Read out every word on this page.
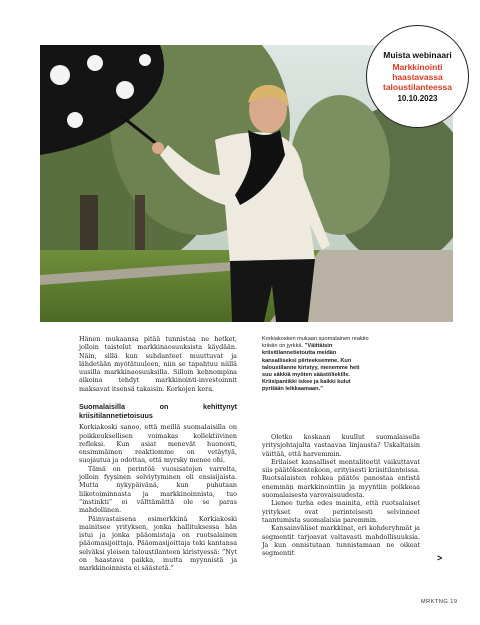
Muista webinaari
Markkinointi
haastavassa
taloustilanteessa
10.10.2023

Hänen mukaansa pitää tunnistaa ne hetket, jolloin taistelut markkinaosuuksista käydään. Näin, sillä kun suhdanteet muuttuvat ja lähdetään myötätuuleen, niin se tapahtuu niillä uusilla markkinaosuuksilla. Silloin kehnompina aikoina tehdyt markkinointi-investoinnit maksavat itsensä takaisin. Korkojen kera.

Suomalaisilla on kehittynyt kriisitilannetietoisuus

Korkiakoski sanoo, että meillä suomalaisilla on poikkeuksellisen voimakas kollektiivinen refleksi. Kun asiat menevät huonosti, ensimmäinen reaktiomme on vetäytyä, suojautua ja odottaa, että myrsky menee ohi.

Tämä on perintöä vuosisatojen varrelta, jolloin fyysinen selviytyminen oli ensisijaista. Mutta nykypäivänä, kun puhutaan liiketoiminnasta ja markkinoinnista, tuo ”instinkti” ei välttämättä ole se paras mahdollinen.

Päinvastaisena esimerkkinä Korkiakoski mainitsee yrityksen, jonka hallituksessa hän istui ja jonka pääomistaja on ruotsalainen pääomasijoittaja. Pääomasijoittaja teki kantansa selväksi yleisen taloustilanteen kiristyessä: ”Nyt on haastava paikka, mutta myynnistä ja markkinoinnista ei säästetä.”

Korkiakosken mukaan suomalainen reaktio kriisiin on jyrkkä. ”Väittäisin kriisitilannetietoutta meidän kansalliseksi piirteeksemme. Kun taloustilanne kiristyy, menemme heti suu säkkiä myöten säästöliekille. Kriisipaniikki iskee ja kaikki kulut pyritään leikkaamaan.”

Oletko koskaan kuullut suomalaisella yritysjohtajalta vastaavaa linjausta? Uskaltaisin väittää, että harvemmin.

Erilaiset kansalliset mentaliteetit vaikuttavat siis päätöksentekoon, erityisesti kriisitilanteissa. Ruotsalaisten rohkea päätös panostaa entistä enemmän markkinointiin ja myyntiin poikkeaa suomalaisesta varovaisuudesta.

Lienee turha edes mainita, että ruotsalaiset yritykset ovat perinteisesti selvinneet taantumista suomalaisia paremmin.

Kansainväliset markkinat, eri kohderyhmät ja segmentit tarjoavat valtavasti mahdollisuuksia. Ja kun onnistutaan tunnistamaan ne oikeat segmentit	>
MRKTNG 19
